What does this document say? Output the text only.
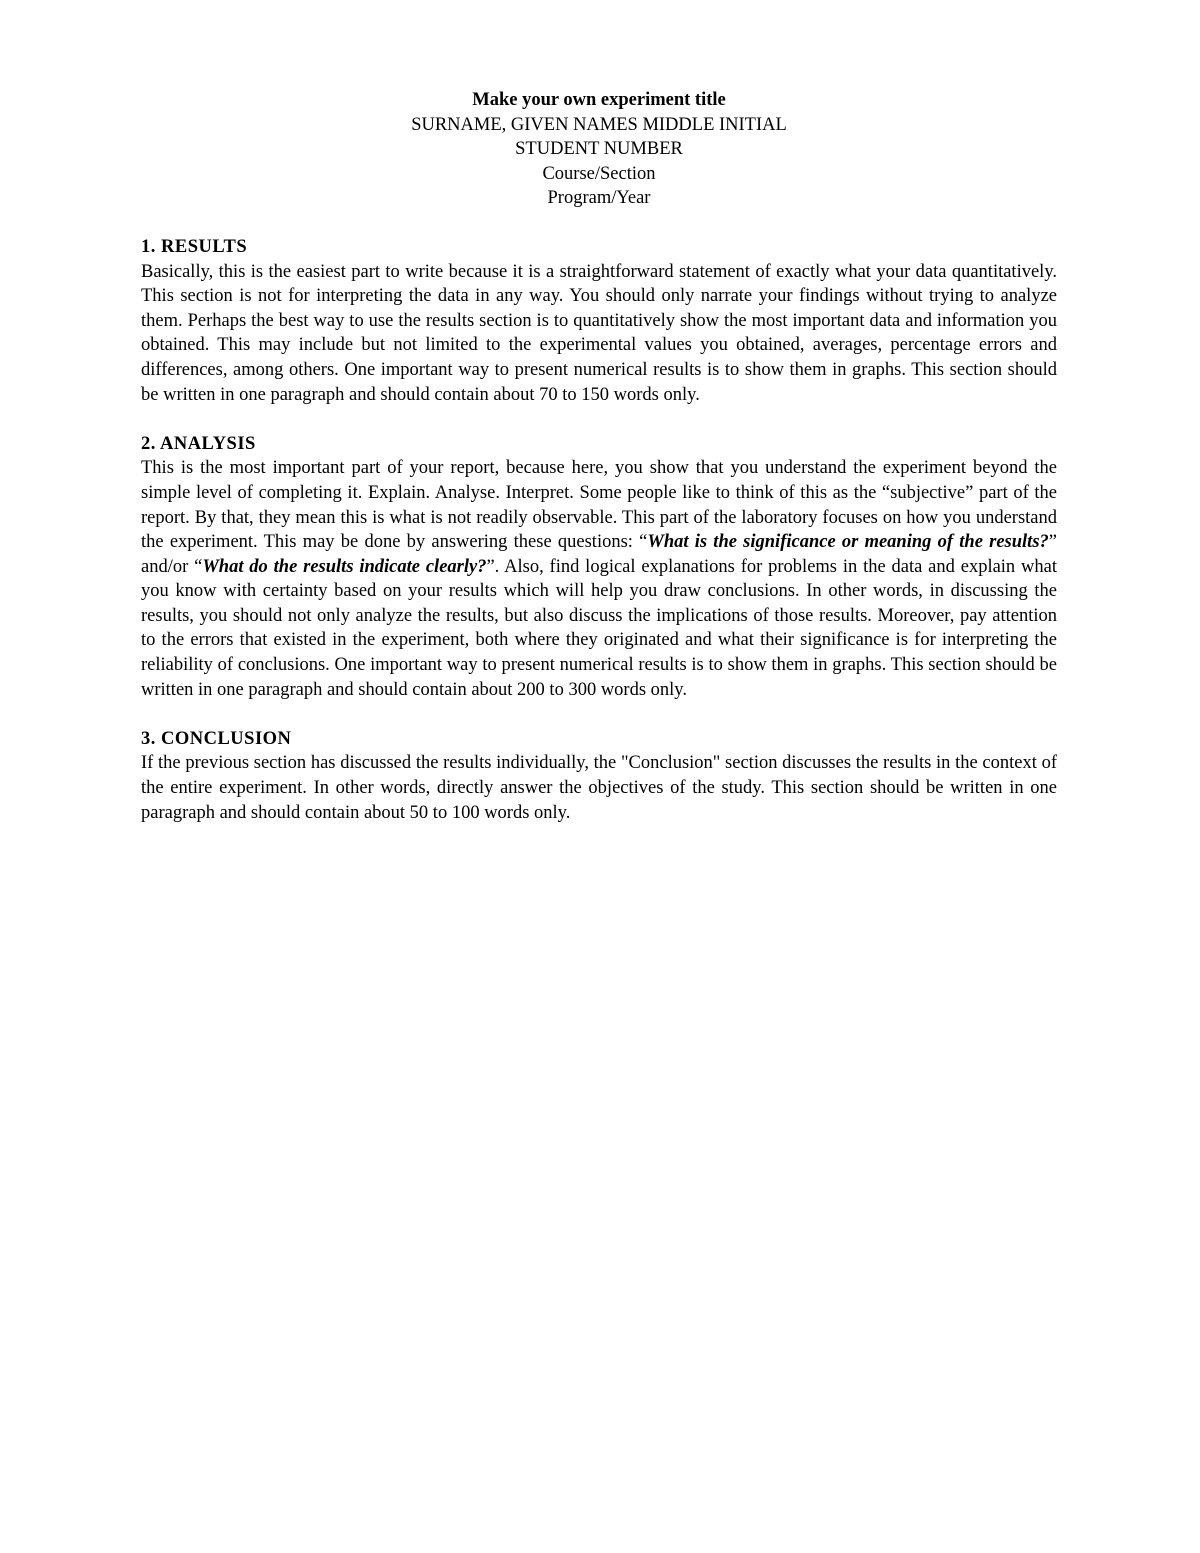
Make your own experiment title
SURNAME, GIVEN NAMES MIDDLE INITIAL
STUDENT NUMBER
Course/Section
Program/Year
1. RESULTS

Basically, this is the easiest part to write because it is a straightforward statement of exactly what your data quantitatively. This section is not for interpreting the data in any way. You should only narrate your findings without trying to analyze them. Perhaps the best way to use the results section is to quantitatively show the most important data and information you obtained. This may include but not limited to the experimental values you obtained, averages, percentage errors and differences, among others. One important way to present numerical results is to show them in graphs. This section should be written in one paragraph and should contain about 70 to 150 words only.

2. ANALYSIS

This is the most important part of your report, because here, you show that you understand the experiment beyond the simple level of completing it. Explain. Analyse. Interpret. Some people like to think of this as the “subjective” part of the report. By that, they mean this is what is not readily observable. This part of the laboratory focuses on how you understand the experiment. This may be done by answering these questions: “What is the significance or meaning of the results?” and/or “What do the results indicate clearly?”. Also, find logical explanations for problems in the data and explain what you know with certainty based on your results which will help you draw conclusions. In other words, in discussing the results, you should not only analyze the results, but also discuss the implications of those results. Moreover, pay attention to the errors that existed in the experiment, both where they originated and what their significance is for interpreting the reliability of conclusions. One important way to present numerical results is to show them in graphs. This section should be written in one paragraph and should contain about 200 to 300 words only.

3. CONCLUSION

If the previous section has discussed the results individually, the "Conclusion" section discusses the results in the context of the entire experiment. In other words, directly answer the objectives of the study. This section should be written in one paragraph and should contain about 50 to 100 words only.
